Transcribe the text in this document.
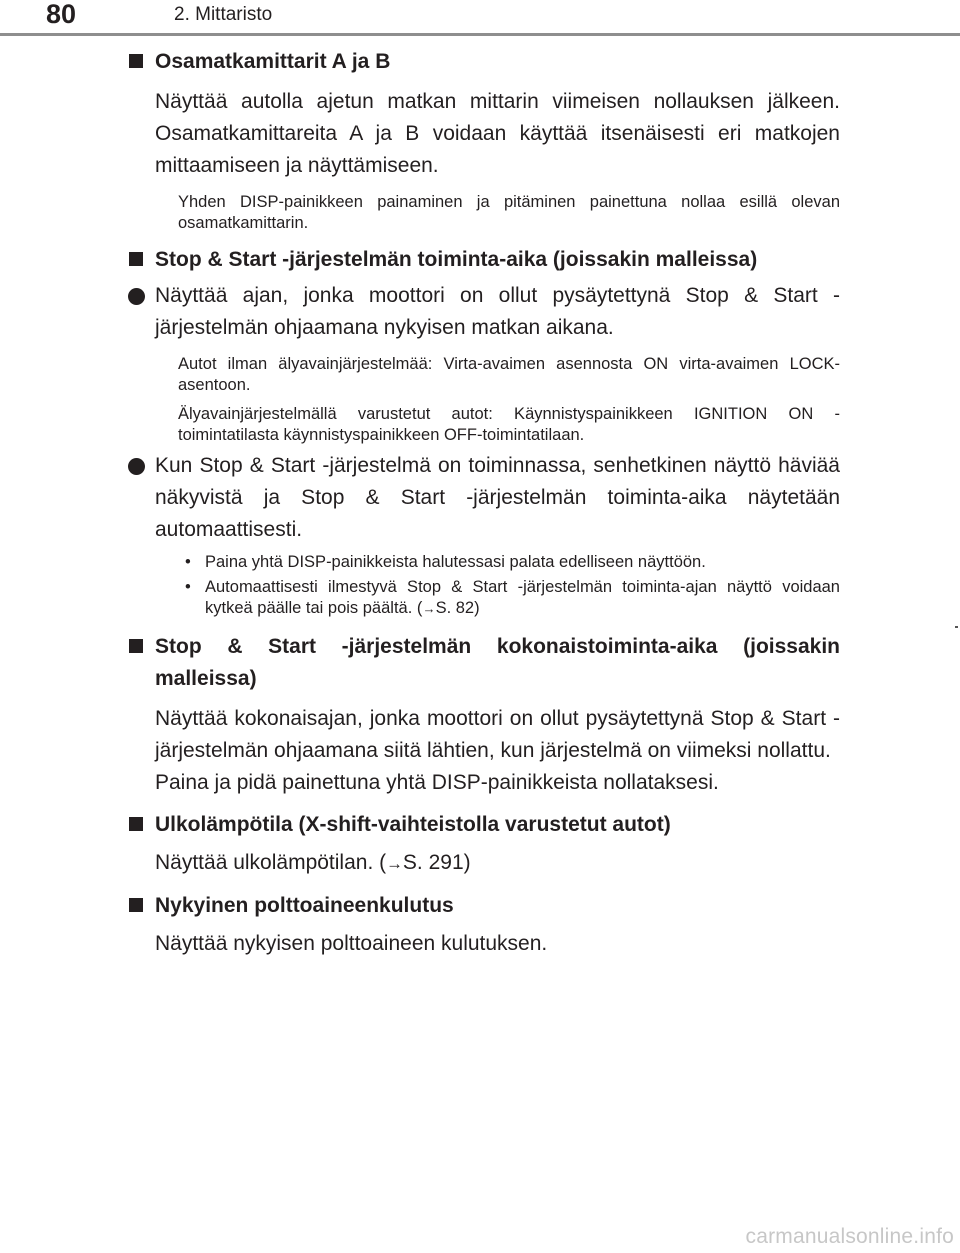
80	2. Mittaristo

Osamatkamittarit A ja B

Näyttää autolla ajetun matkan mittarin viimeisen nollauksen jälkeen. Osamatkamittareita A ja B voidaan käyttää itsenäisesti eri matkojen mittaamiseen ja näyttämiseen.

Yhden DISP-painikkeen painaminen ja pitäminen painettuna nollaa esillä olevan osamatkamittarin.

Stop & Start -järjestelmän toiminta-aika (joissakin malleissa)

Näyttää ajan, jonka moottori on ollut pysäytettynä Stop & Start -järjestelmän ohjaamana nykyisen matkan aikana.

Autot ilman älyavainjärjestelmää: Virta-avaimen asennosta ON virta-avaimen LOCK-asentoon.

Älyavainjärjestelmällä varustetut autot: Käynnistyspainikkeen IGNITION ON -toimintatilasta käynnistyspainikkeen OFF-toimintatilaan.

Kun Stop & Start -järjestelmä on toiminnassa, senhetkinen näyttö häviää näkyvistä ja Stop & Start -järjestelmän toiminta-aika näytetään automaattisesti.

• Paina yhtä DISP-painikkeista halutessasi palata edelliseen näyttöön.

• Automaattisesti ilmestyvä Stop & Start -järjestelmän toiminta-ajan näyttö voidaan kytkeä päälle tai pois päältä. (→S. 82)

Stop & Start -järjestelmän kokonaistoiminta-aika (joissakin malleissa)

Näyttää kokonaisajan, jonka moottori on ollut pysäytettynä Stop & Start -järjestelmän ohjaamana siitä lähtien, kun järjestelmä on viimeksi nollattu.

Paina ja pidä painettuna yhtä DISP-painikkeista nollataksesi.

Ulkolämpötila (X-shift-vaihteistolla varustetut autot)

Näyttää ulkolämpötilan. (→S. 291)

Nykyinen polttoaineenkulutus

Näyttää nykyisen polttoaineen kulutuksen.

carmanualsonline.info
